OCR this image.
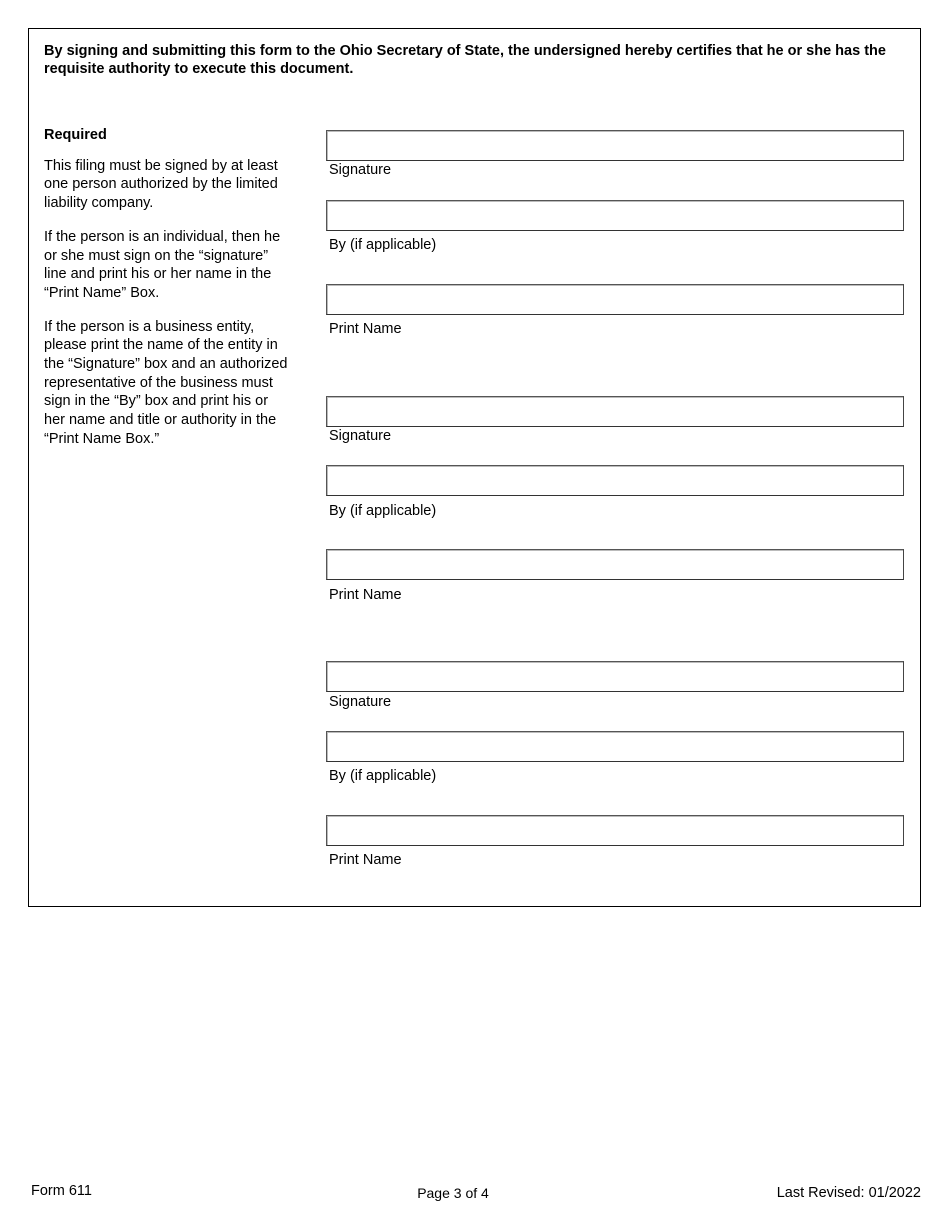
By signing and submitting this form to the Ohio Secretary of State, the undersigned hereby certifies that he or she has the requisite authority to execute this document.

Required

This filing must be signed by at least one person authorized by the limited liability company.

If the person is an individual, then he or she must sign on the “signature” line and print his or her name in the “Print Name” Box.

If the person is a business entity, please print the name of the entity in the “Signature” box and an authorized representative of the business must sign in the “By” box and print his or her name and title or authority in the “Print Name Box.”

Signature
By (if applicable)
Print Name
Signature
By (if applicable)
Print Name
Signature
By (if applicable)
Print Name
Form 611	Page 3 of 4	Last Revised: 01/2022
